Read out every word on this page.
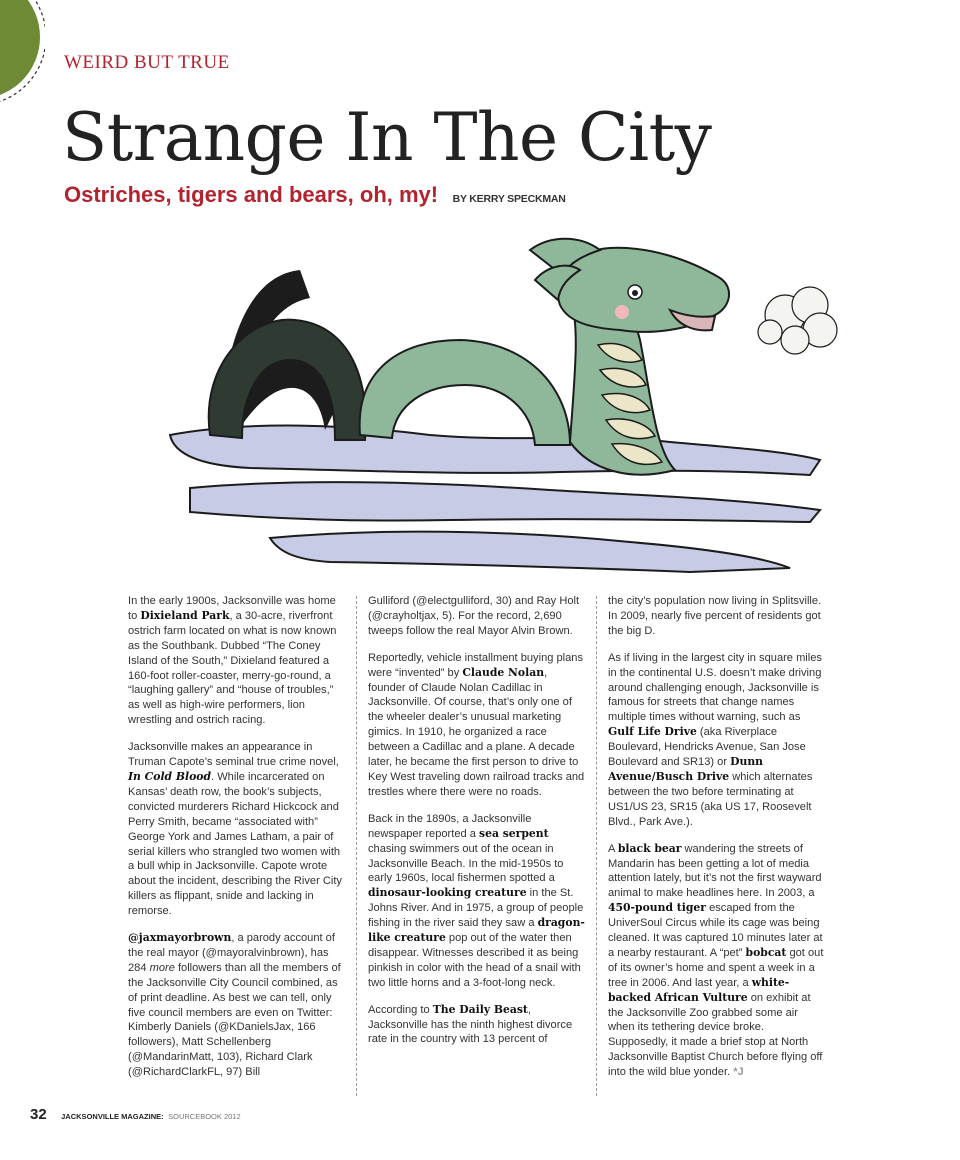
WEIRD BUT TRUE
Strange In The City
Ostriches, tigers and bears, oh, my! BY KERRY SPECKMAN

In the early 1900s, Jacksonville was home to Dixieland Park, a 30-acre, riverfront ostrich farm located on what is now known as the Southbank. Dubbed “The Coney Island of the South,” Dixieland featured a 160-foot roller-coaster, merry-go-round, a “laughing gallery” and “house of troubles,” as well as high-wire performers, lion wrestling and ostrich racing.

Jacksonville makes an appearance in Truman Capote’s seminal true crime novel, In Cold Blood. While incarcerated on Kansas’ death row, the book’s subjects, convicted murderers Richard Hickcock and Perry Smith, became “associated with” George York and James Latham, a pair of serial killers who strangled two women with a bull whip in Jacksonville. Capote wrote about the incident, describing the River City killers as flippant, snide and lacking in remorse.

@jaxmayorbrown, a parody account of the real mayor (@mayoralvinbrown), has 284 more followers than all the members of the Jacksonville City Council combined, as of print deadline. As best we can tell, only five council members are even on Twitter: Kimberly Daniels (@KDanielsJax, 166 followers), Matt Schellenberg (@MandarinMatt, 103), Richard Clark (@RichardClarkFL, 97) Bill

Gulliford (@electgulliford, 30) and Ray Holt (@crayholtjax, 5). For the record, 2,690 tweeps follow the real Mayor Alvin Brown.

Reportedly, vehicle installment buying plans were “invented” by Claude Nolan, founder of Claude Nolan Cadillac in Jacksonville. Of course, that’s only one of the wheeler dealer’s unusual marketing gimics. In 1910, he organized a race between a Cadillac and a plane. A decade later, he became the first person to drive to Key West traveling down railroad tracks and trestles where there were no roads.

Back in the 1890s, a Jacksonville newspaper reported a sea serpent chasing swimmers out of the ocean in Jacksonville Beach. In the mid-1950s to early 1960s, local fishermen spotted a dinosaur-looking creature in the St. Johns River. And in 1975, a group of people fishing in the river said they saw a dragon-like creature pop out of the water then disappear. Witnesses described it as being pinkish in color with the head of a snail with two little horns and a 3-foot-long neck.

According to The Daily Beast, Jacksonville has the ninth highest divorce rate in the country with 13 percent of

the city’s population now living in Splitsville. In 2009, nearly five percent of residents got the big D.

As if living in the largest city in square miles in the continental U.S. doesn’t make driving around challenging enough, Jacksonville is famous for streets that change names multiple times without warning, such as Gulf Life Drive (aka Riverplace Boulevard, Hendricks Avenue, San Jose Boulevard and SR13) or Dunn Avenue/Busch Drive which alternates between the two before terminating at US1/US 23, SR15 (aka US 17, Roosevelt Blvd., Park Ave.).

A black bear wandering the streets of Mandarin has been getting a lot of media attention lately, but it’s not the first wayward animal to make headlines here. In 2003, a 450-pound tiger escaped from the UniverSoul Circus while its cage was being cleaned. It was captured 10 minutes later at a nearby restaurant. A “pet” bobcat got out of its owner’s home and spent a week in a tree in 2006. And last year, a white-backed African Vulture on exhibit at the Jacksonville Zoo grabbed some air when its tethering device broke. Supposedly, it made a brief stop at North Jacksonville Baptist Church before flying off into the wild blue yonder. *J

32 JACKSONVILLE MAGAZINE: SOURCEBOOK 2012
